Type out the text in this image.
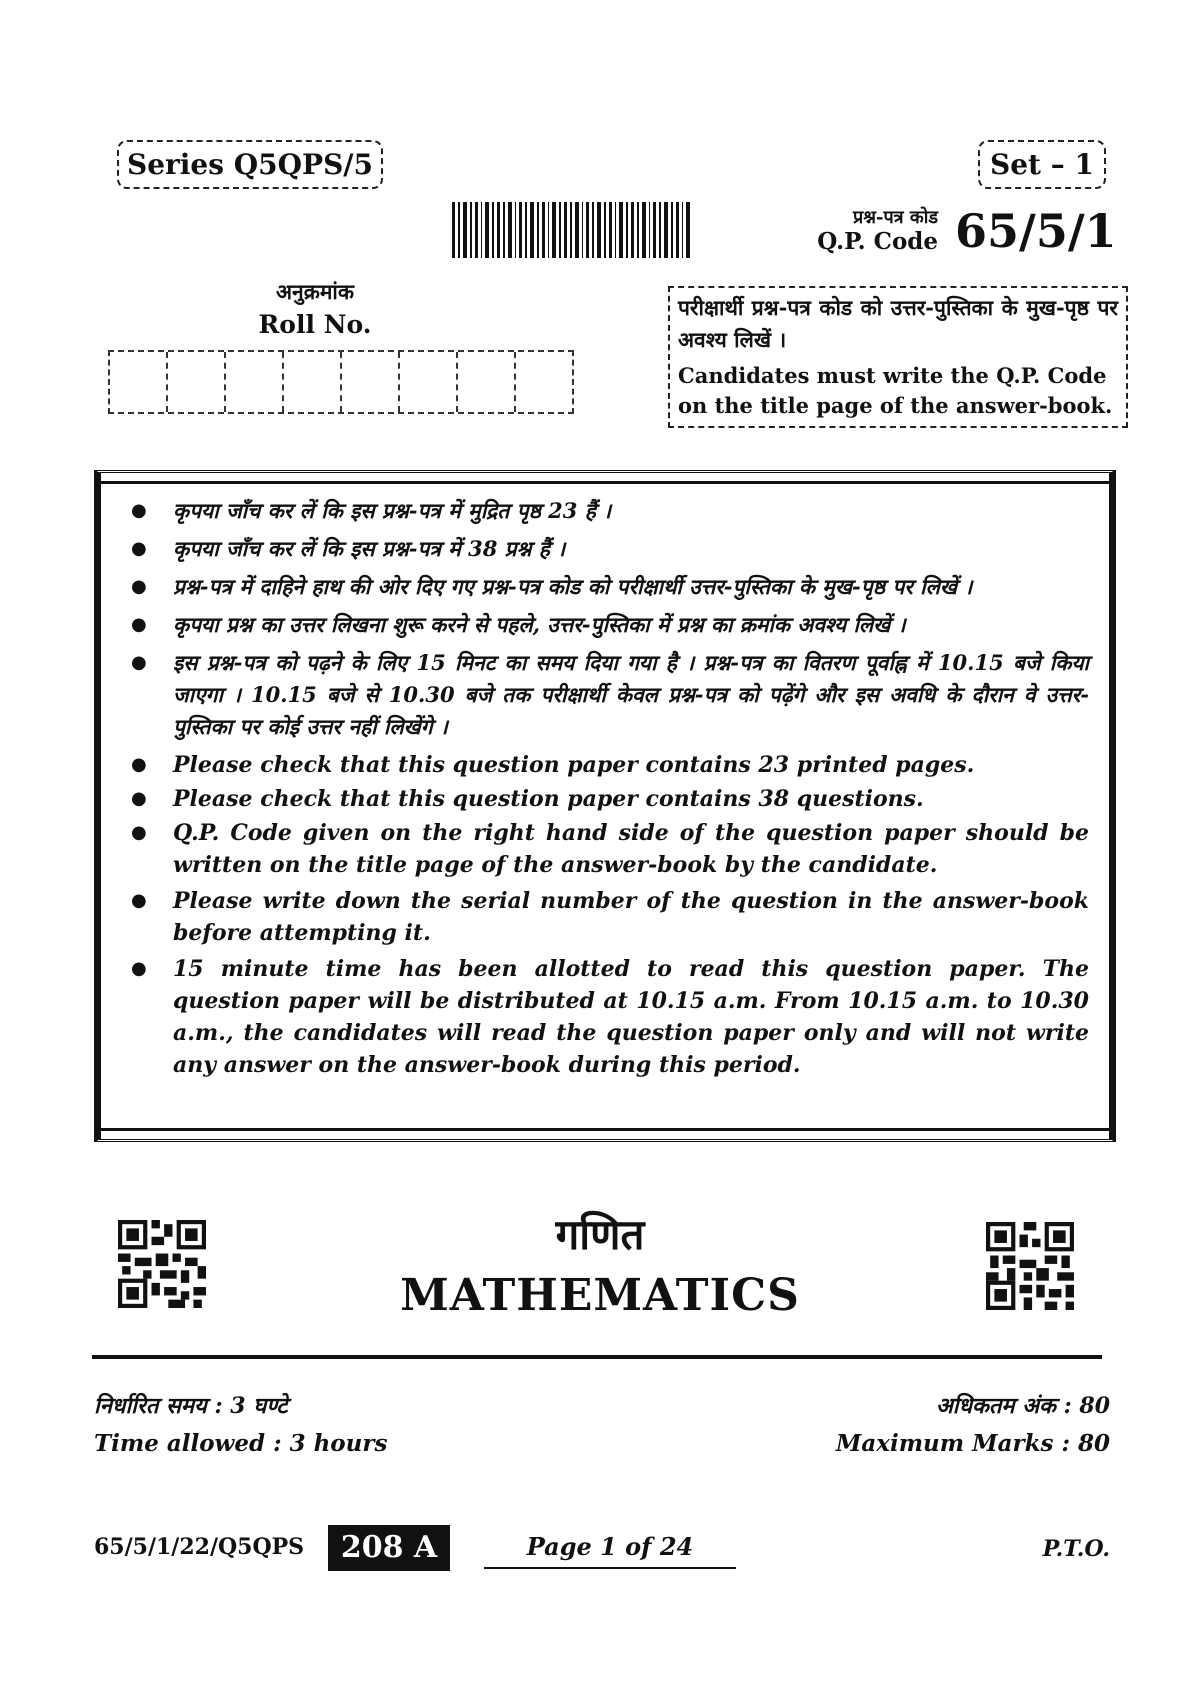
Series Q5QPS/5	Set – 1
प्रश्न-पत्र कोड
Q.P. Code 65/5/1
अनुक्रमांक
Roll No.

परीक्षार्थी प्रश्न-पत्र कोड को उत्तर-पुस्तिका के मुख-पृष्ठ पर अवश्य लिखें ।

Candidates must write the Q.P. Code on the title page of the answer-book.

● कृपया जाँच कर लें कि इस प्रश्न-पत्र में मुद्रित पृष्ठ 23 हैं ।
● कृपया जाँच कर लें कि इस प्रश्न-पत्र में 38 प्रश्न हैं ।
● प्रश्न-पत्र में दाहिने हाथ की ओर दिए गए प्रश्न-पत्र कोड को परीक्षार्थी उत्तर-पुस्तिका के मुख-पृष्ठ पर लिखें ।
● कृपया प्रश्न का उत्तर लिखना शुरू करने से पहले, उत्तर-पुस्तिका में प्रश्न का क्रमांक अवश्य लिखें ।
● इस प्रश्न-पत्र को पढ़ने के लिए 15 मिनट का समय दिया गया है । प्रश्न-पत्र का वितरण पूर्वाह्न में 10.15 बजे किया जाएगा । 10.15 बजे से 10.30 बजे तक परीक्षार्थी केवल प्रश्न-पत्र को पढ़ेंगे और इस अवधि के दौरान वे उत्तर-पुस्तिका पर कोई उत्तर नहीं लिखेंगे ।
● Please check that this question paper contains 23 printed pages.
● Please check that this question paper contains 38 questions.
● Q.P. Code given on the right hand side of the question paper should be written on the title page of the answer-book by the candidate.
● Please write down the serial number of the question in the answer-book before attempting it.
● 15 minute time has been allotted to read this question paper. The question paper will be distributed at 10.15 a.m. From 10.15 a.m. to 10.30 a.m., the candidates will read the question paper only and will not write any answer on the answer-book during this period.
गणित
MATHEMATICS
निर्धारित समय : 3 घण्टे
Time allowed : 3 hours
अधिकतम अंक : 80
Maximum Marks : 80
65/5/1/22/Q5QPS	208 A	Page 1 of 24	P.T.O.
